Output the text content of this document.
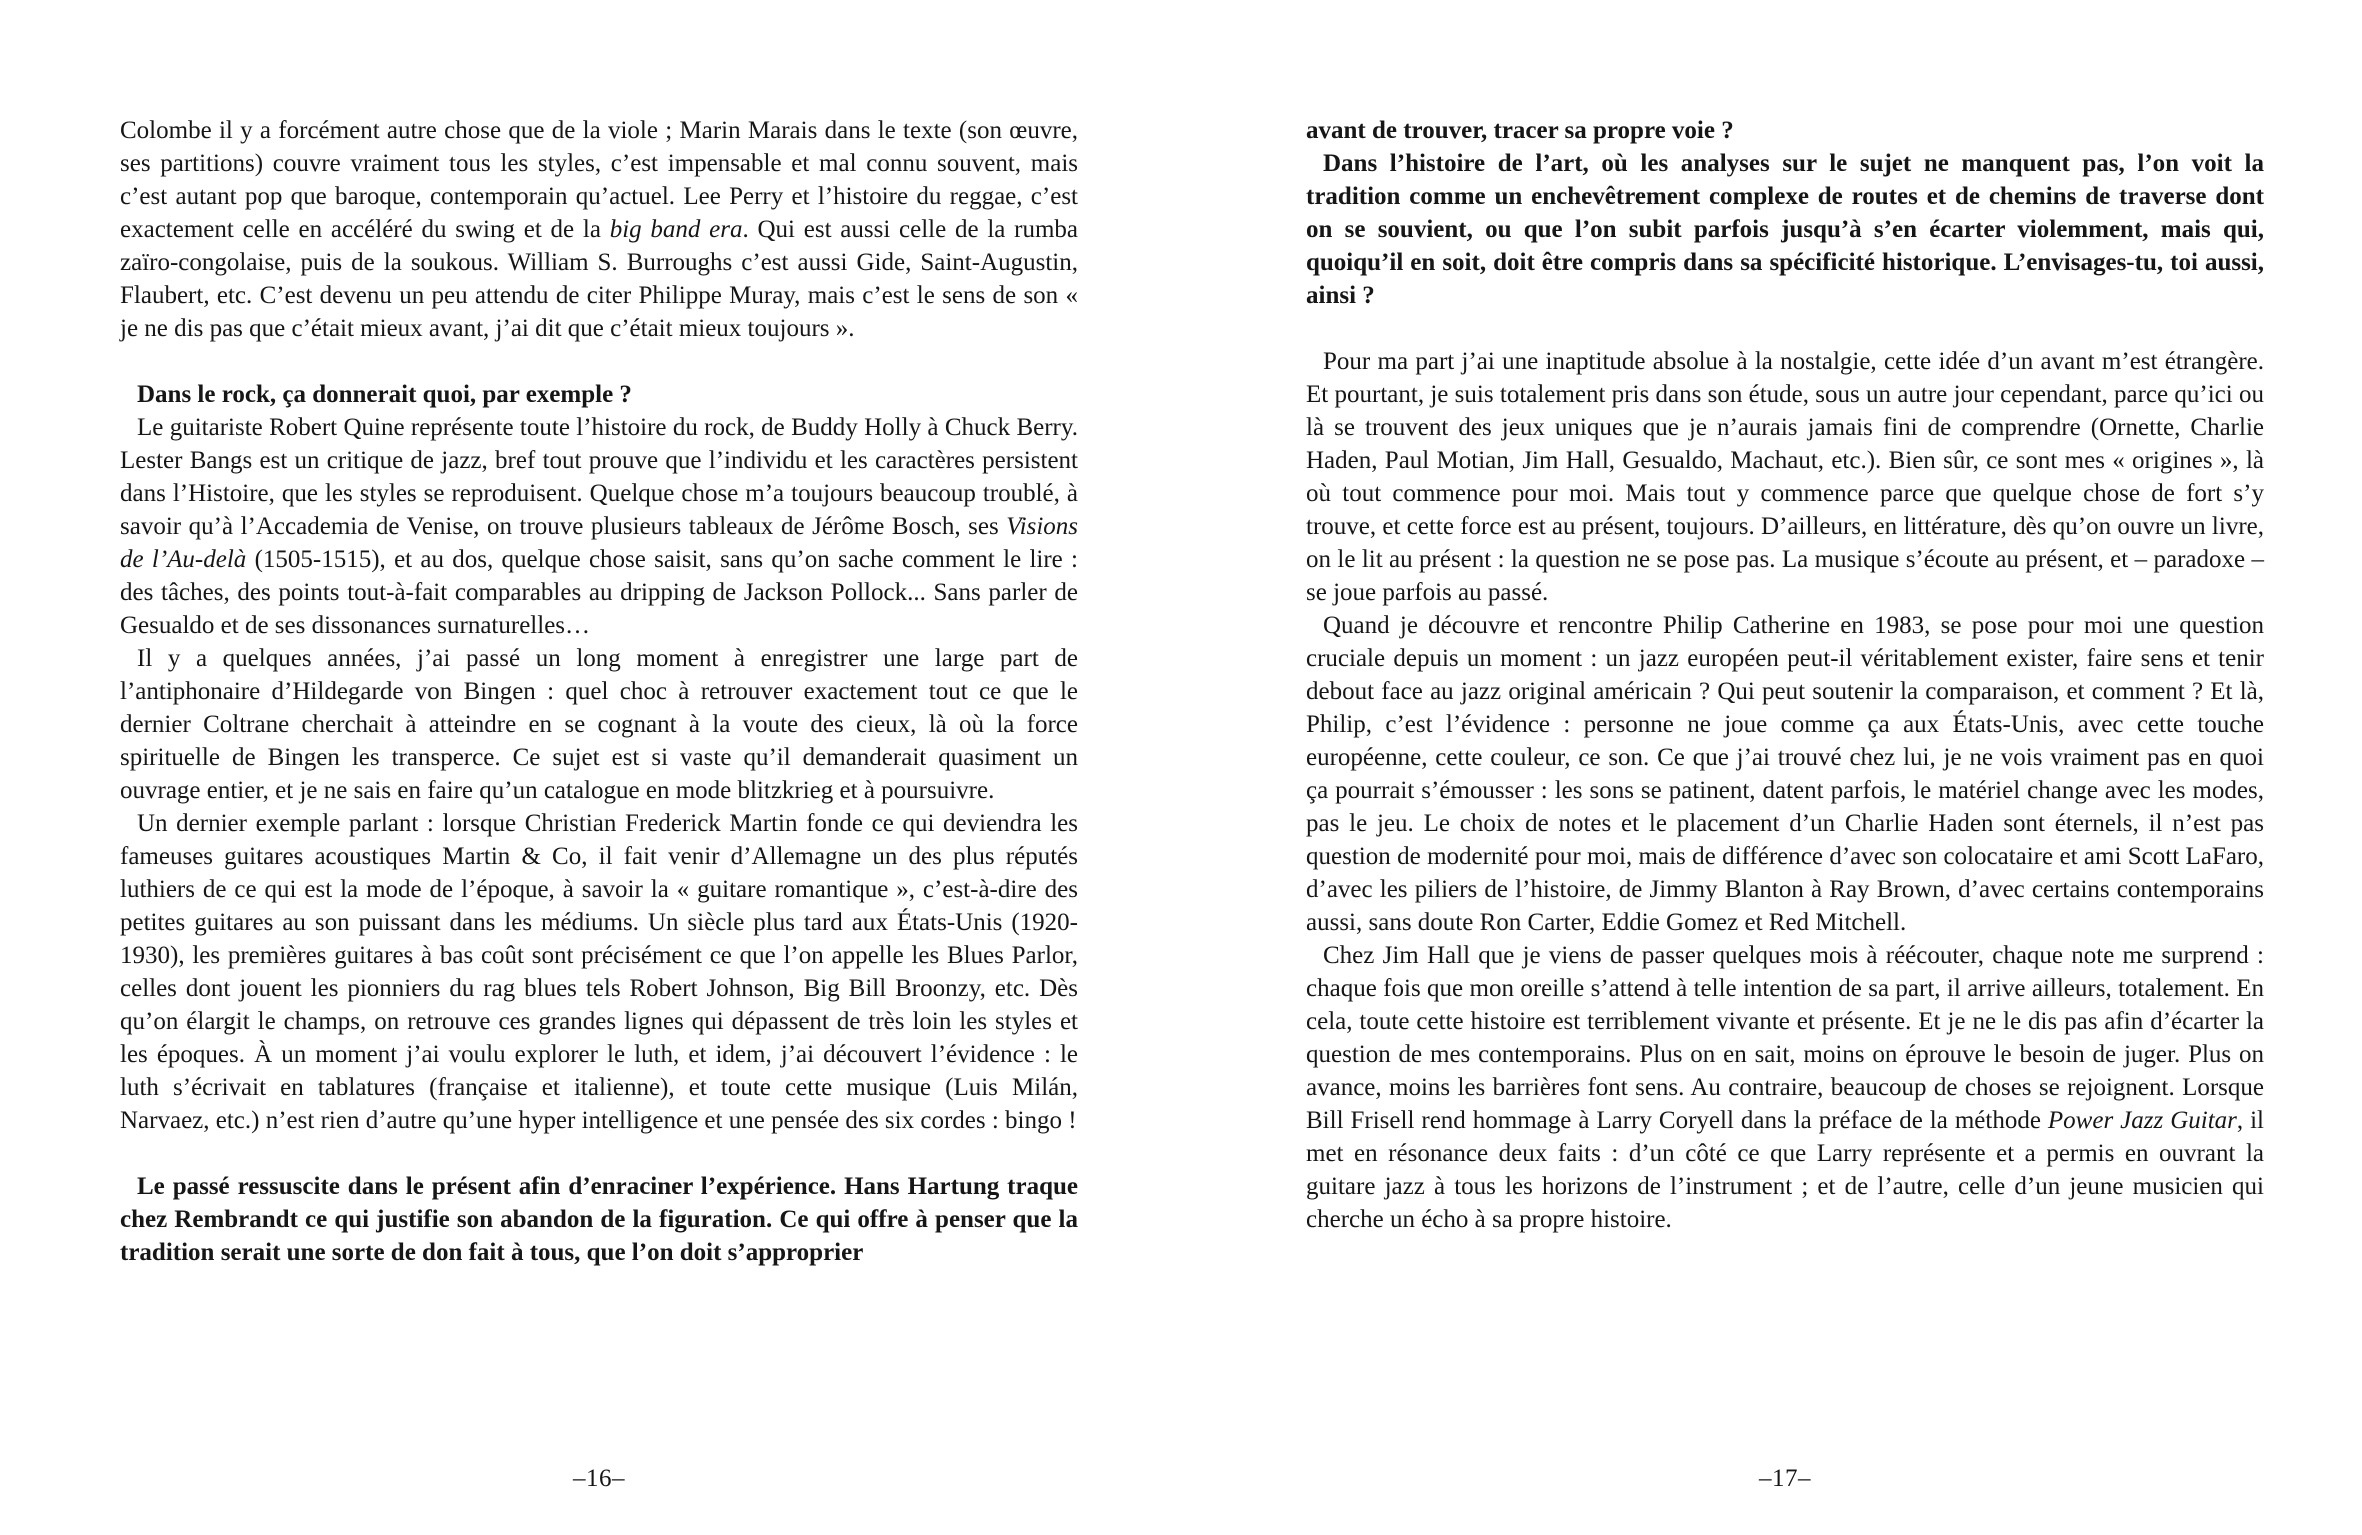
Colombe il y a forcément autre chose que de la viole ; Marin Marais dans le texte (son œuvre, ses partitions) couvre vraiment tous les styles, c’est impensable et mal connu souvent, mais c’est autant pop que baroque, contemporain qu’actuel. Lee Perry et l’histoire du reggae, c’est exactement celle en accéléré du swing et de la big band era. Qui est aussi celle de la rumba zaïro-congolaise, puis de la soukous. William S. Burroughs c’est aussi Gide, Saint-Augustin, Flaubert, etc. C’est devenu un peu attendu de citer Philippe Muray, mais c’est le sens de son « je ne dis pas que c’était mieux avant, j’ai dit que c’était mieux toujours ».

Dans le rock, ça donnerait quoi, par exemple ?

Le guitariste Robert Quine représente toute l’histoire du rock, de Buddy Holly à Chuck Berry. Lester Bangs est un critique de jazz, bref tout prouve que l’individu et les caractères persistent dans l’Histoire, que les styles se reproduisent. Quelque chose m’a toujours beaucoup troublé, à savoir qu’à l’Accademia de Venise, on trouve plusieurs tableaux de Jérôme Bosch, ses Visions de l’Au-delà (1505-1515), et au dos, quelque chose saisit, sans qu’on sache comment le lire : des tâches, des points tout-à-fait comparables au dripping de Jackson Pollock... Sans parler de Gesualdo et de ses dissonances surnaturelles…

Il y a quelques années, j’ai passé un long moment à enregistrer une large part de l’antiphonaire d’Hildegarde von Bingen : quel choc à retrouver exactement tout ce que le dernier Coltrane cherchait à atteindre en se cognant à la voute des cieux, là où la force spirituelle de Bingen les transperce. Ce sujet est si vaste qu’il demanderait quasiment un ouvrage entier, et je ne sais en faire qu’un catalogue en mode blitzkrieg et à poursuivre.

Un dernier exemple parlant : lorsque Christian Frederick Martin fonde ce qui deviendra les fameuses guitares acoustiques Martin & Co, il fait venir d’Allemagne un des plus réputés luthiers de ce qui est la mode de l’époque, à savoir la « guitare romantique », c’est-à-dire des petites guitares au son puissant dans les médiums. Un siècle plus tard aux États-Unis (1920-1930), les premières guitares à bas coût sont précisément ce que l’on appelle les Blues Parlor, celles dont jouent les pionniers du rag blues tels Robert Johnson, Big Bill Broonzy, etc. Dès qu’on élargit le champs, on retrouve ces grandes lignes qui dépassent de très loin les styles et les époques. À un moment j’ai voulu explorer le luth, et idem, j’ai découvert l’évidence : le luth s’écrivait en tablatures (française et italienne), et toute cette musique (Luis Milán, Narvaez, etc.) n’est rien d’autre qu’une hyper intelligence et une pensée des six cordes : bingo !

Le passé ressuscite dans le présent afin d’enraciner l’expérience. Hans Hartung traque chez Rembrandt ce qui justifie son abandon de la figuration. Ce qui offre à penser que la tradition serait une sorte de don fait à tous, que l’on doit s’approprier

–16–

avant de trouver, tracer sa propre voie ?

Dans l’histoire de l’art, où les analyses sur le sujet ne manquent pas, l’on voit la tradition comme un enchevêtrement complexe de routes et de chemins de traverse dont on se souvient, ou que l’on subit parfois jusqu’à s’en écarter violemment, mais qui, quoiqu’il en soit, doit être compris dans sa spécificité historique. L’envisages-tu, toi aussi, ainsi ?

Pour ma part j’ai une inaptitude absolue à la nostalgie, cette idée d’un avant m’est étrangère. Et pourtant, je suis totalement pris dans son étude, sous un autre jour cependant, parce qu’ici ou là se trouvent des jeux uniques que je n’aurais jamais fini de comprendre (Ornette, Charlie Haden, Paul Motian, Jim Hall, Gesualdo, Machaut, etc.). Bien sûr, ce sont mes « origines », là où tout commence pour moi. Mais tout y commence parce que quelque chose de fort s’y trouve, et cette force est au présent, toujours. D’ailleurs, en littérature, dès qu’on ouvre un livre, on le lit au présent : la question ne se pose pas. La musique s’écoute au présent, et – paradoxe – se joue parfois au passé.

Quand je découvre et rencontre Philip Catherine en 1983, se pose pour moi une question cruciale depuis un moment : un jazz européen peut-il véritablement exister, faire sens et tenir debout face au jazz original américain ? Qui peut soutenir la comparaison, et comment ? Et là, Philip, c’est l’évidence : personne ne joue comme ça aux États-Unis, avec cette touche européenne, cette couleur, ce son. Ce que j’ai trouvé chez lui, je ne vois vraiment pas en quoi ça pourrait s’émousser : les sons se patinent, datent parfois, le matériel change avec les modes, pas le jeu. Le choix de notes et le placement d’un Charlie Haden sont éternels, il n’est pas question de modernité pour moi, mais de différence d’avec son colocataire et ami Scott LaFaro, d’avec les piliers de l’histoire, de Jimmy Blanton à Ray Brown, d’avec certains contemporains aussi, sans doute Ron Carter, Eddie Gomez et Red Mitchell.

Chez Jim Hall que je viens de passer quelques mois à réécouter, chaque note me surprend : chaque fois que mon oreille s’attend à telle intention de sa part, il arrive ailleurs, totalement. En cela, toute cette histoire est terriblement vivante et présente. Et je ne le dis pas afin d’écarter la question de mes contemporains. Plus on en sait, moins on éprouve le besoin de juger. Plus on avance, moins les barrières font sens. Au contraire, beaucoup de choses se rejoignent. Lorsque Bill Frisell rend hommage à Larry Coryell dans la préface de la méthode Power Jazz Guitar, il met en résonance deux faits : d’un côté ce que Larry représente et a permis en ouvrant la guitare jazz à tous les horizons de l’instrument ; et de l’autre, celle d’un jeune musicien qui cherche un écho à sa propre histoire.

–17–
